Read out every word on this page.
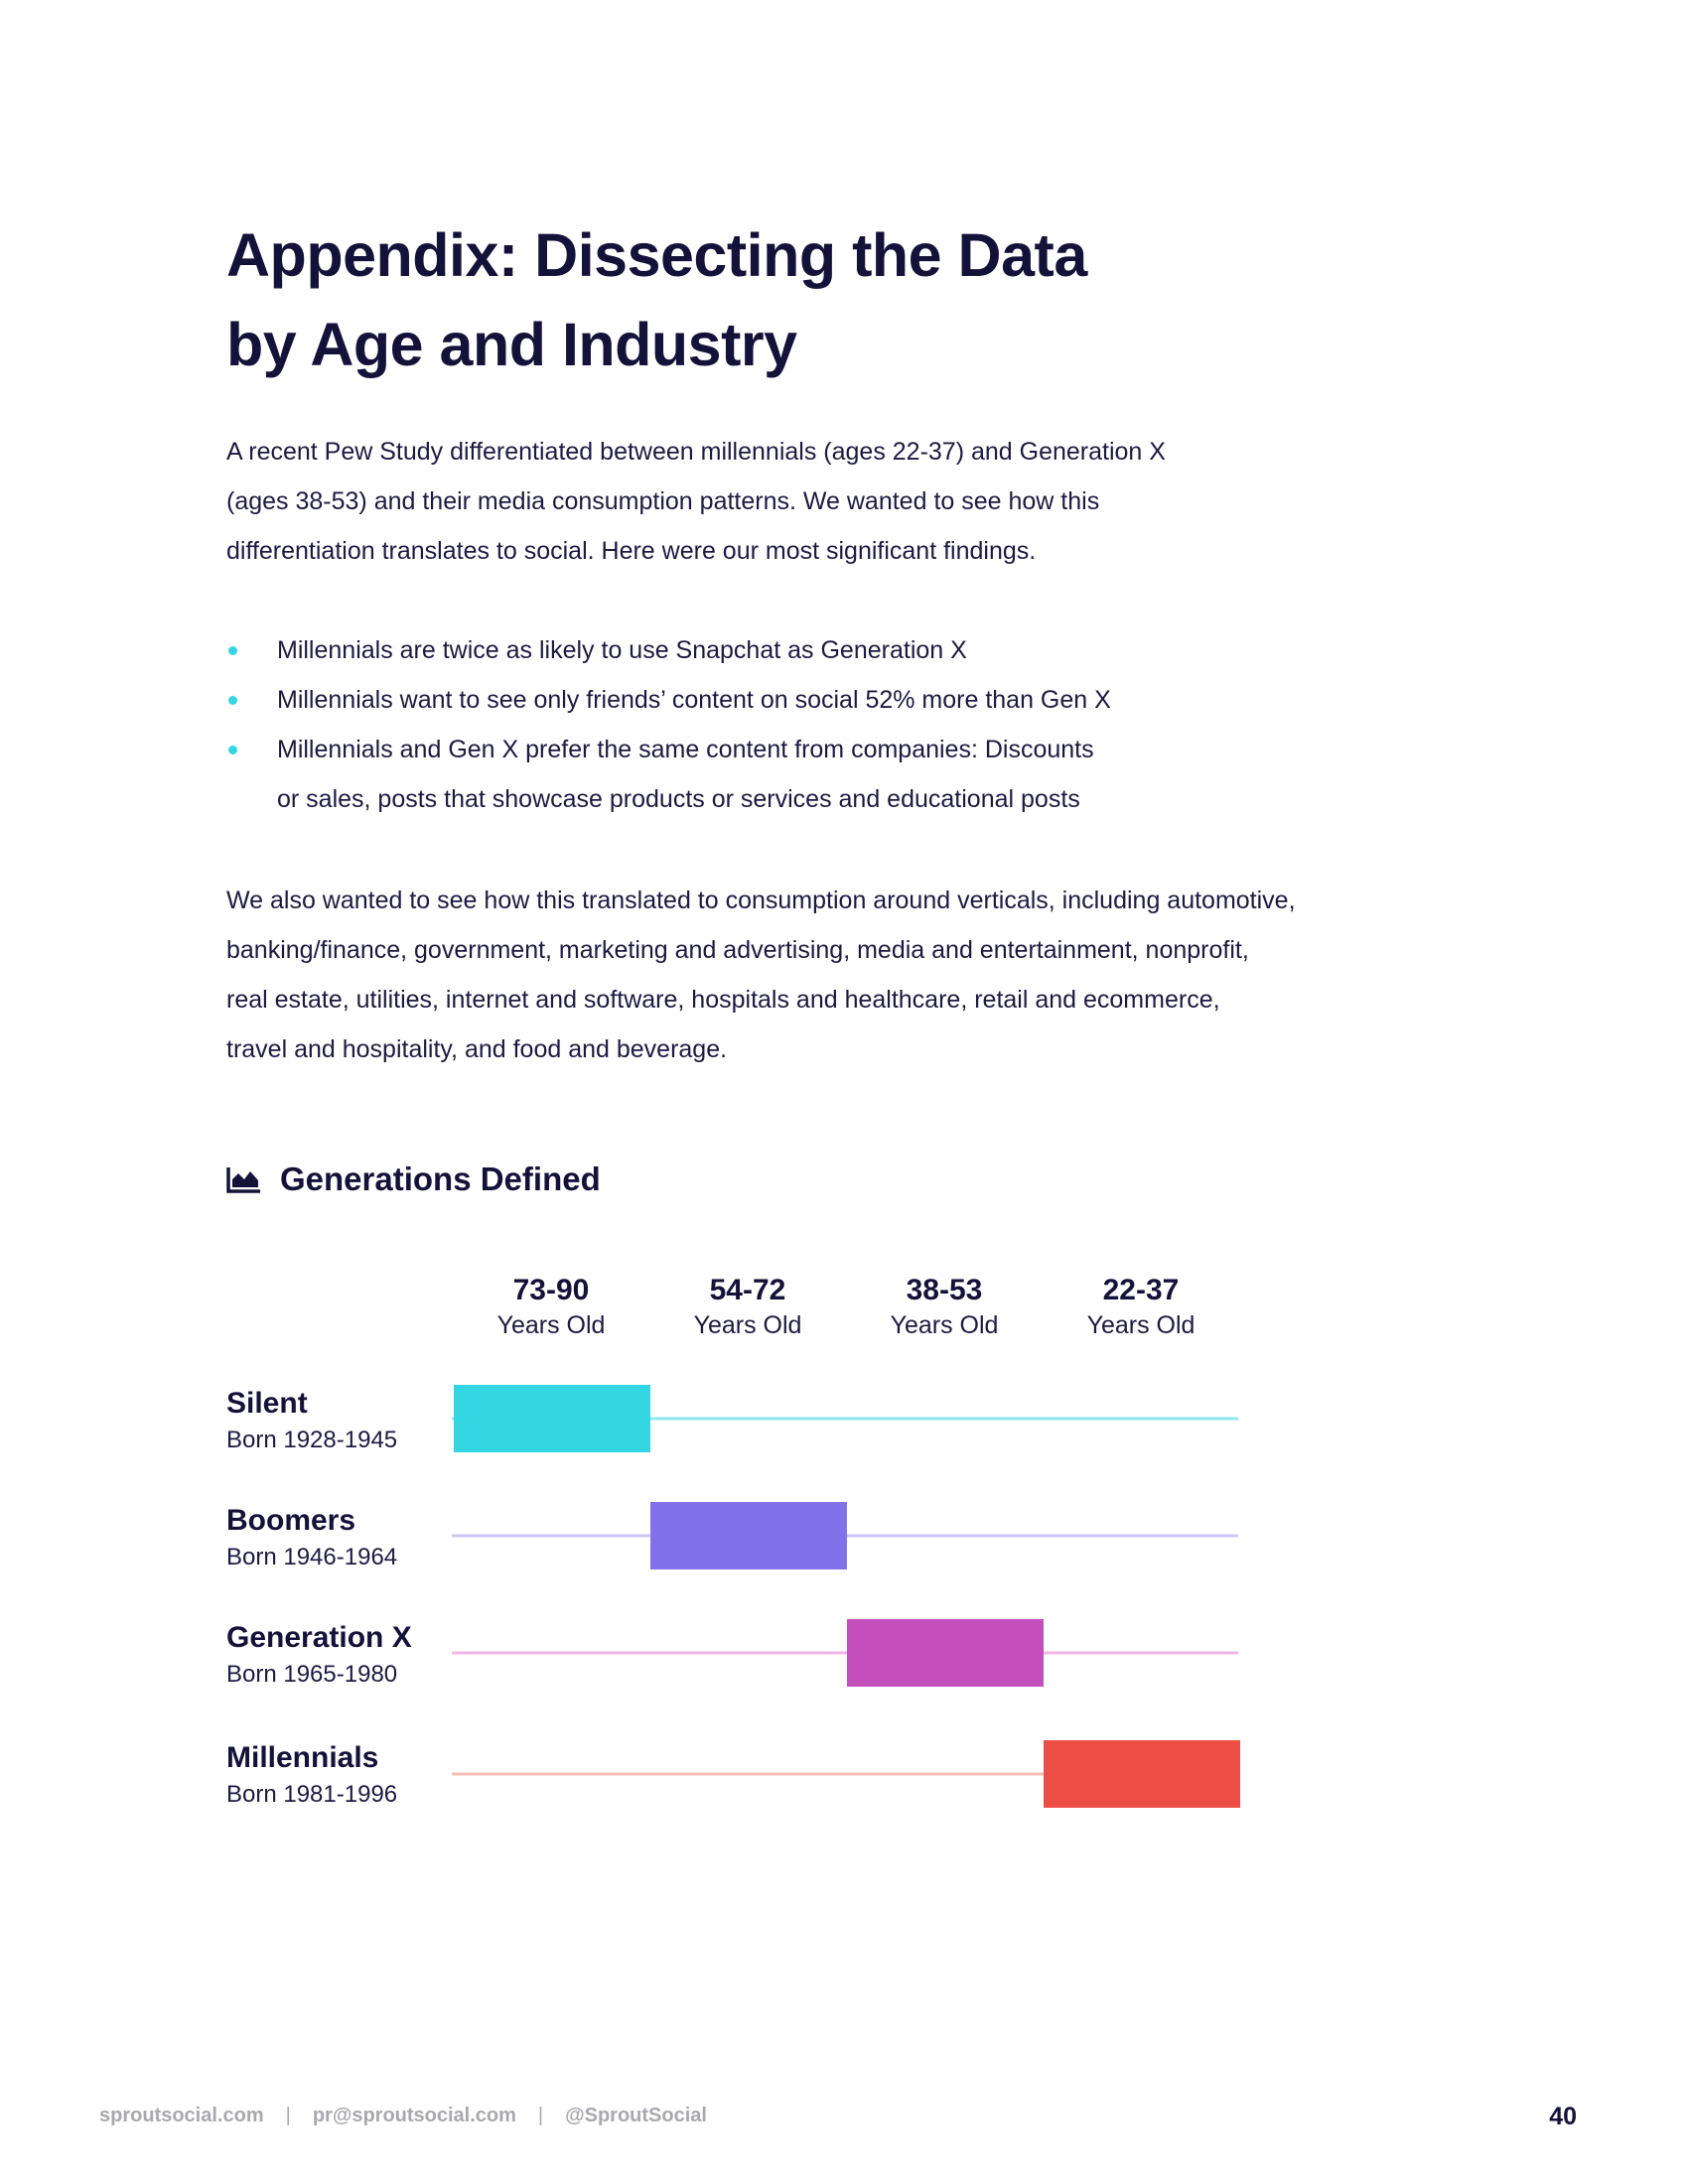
Appendix: Dissecting the Data
by Age and Industry

A recent Pew Study differentiated between millennials (ages 22-37) and Generation X
(ages 38-53) and their media consumption patterns. We wanted to see how this
differentiation translates to social. Here were our most significant findings.

Millennials are twice as likely to use Snapchat as Generation X
Millennials want to see only friends’ content on social 52% more than Gen X
Millennials and Gen X prefer the same content from companies: Discounts
or sales, posts that showcase products or services and educational posts

We also wanted to see how this translated to consumption around verticals, including automotive,
banking/finance, government, marketing and advertising, media and entertainment, nonprofit,
real estate, utilities, internet and software, hospitals and healthcare, retail and ecommerce,
travel and hospitality, and food and beverage.

Generations Defined
73-90
Years Old
54-72
Years Old
38-53
Years Old
22-37
Years Old
Silent
Born 1928-1945
Boomers
Born 1946-1964
Generation X
Born 1965-1980
Millennials
Born 1981-1996
sproutsocial.com | pr@sproutsocial.com | @SproutSocial	40
